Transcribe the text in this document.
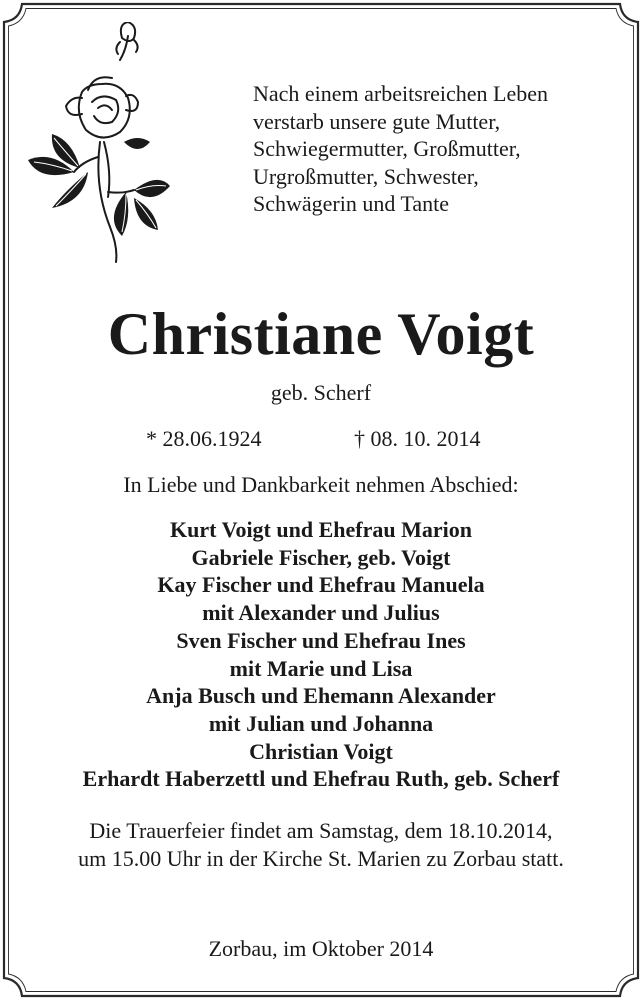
Nach einem arbeitsreichen Leben
verstarb unsere gute Mutter,
Schwiegermutter, Großmutter,
Urgroßmutter, Schwester,
Schwägerin und Tante
Christiane Voigt
geb. Scherf
* 28.06.1924	† 08. 10. 2014
In Liebe und Dankbarkeit nehmen Abschied:
Kurt Voigt und Ehefrau Marion
Gabriele Fischer, geb. Voigt
Kay Fischer und Ehefrau Manuela
mit Alexander und Julius
Sven Fischer und Ehefrau Ines
mit Marie und Lisa
Anja Busch und Ehemann Alexander
mit Julian und Johanna
Christian Voigt
Erhardt Haberzettl und Ehefrau Ruth, geb. Scherf
Die Trauerfeier findet am Samstag, dem 18.10.2014,
um 15.00 Uhr in der Kirche St. Marien zu Zorbau statt.
Zorbau, im Oktober 2014
